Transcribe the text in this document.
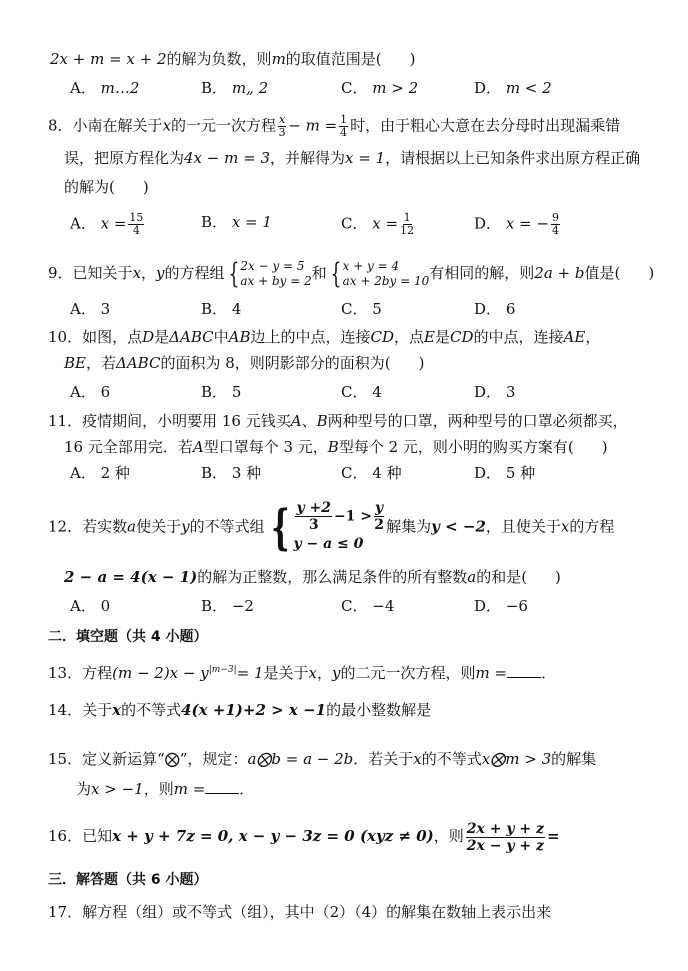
2x + m = x + 2的解为负数，则m的取值范围是( )
A． m…2	B． m„ 2	C． m > 2	D． m < 2
8．小南在解关于x的一元一次方程 $\frac{x}{3} - m = \frac{1}{4}$ 时，由于粗心大意在去分母时出现漏乘错
误，把原方程化为4x − m = 3，并解得为x = 1，请根据以上已知条件求出原方程正确
的解为( )
A． $x = \frac{15}{4}$	B． x = 1	C． $x = \frac{1}{12}$	D． x = − $\frac{9}{4}$
9．已知关于x，y的方程组 { 2x − y = 5
ax + by = 2 和 { x + y = 4
ax + 2by = 10 有相同的解，则2a + b值是( )
A． 3	B． 4	C． 5	D． 6
10．如图，点D是ΔABC中AB边上的中点，连接CD，点E是CD的中点，连接AE，
BE，若ΔABC的面积为 8，则阴影部分的面积为( )
A． 6	B． 5	C． 4	D． 3
11．疫情期间，小明要用 16 元钱买A、B两种型号的口罩，两种型号的口罩必须都买，
16 元全部用完．若A型口罩每个 3 元，B型每个 2 元，则小明的购买方案有( )
A． 2 种	B． 3 种	C． 4 种	D． 5 种
12．若实数a使关于y的不等式组 { $\frac{y +2}{3} -1 > \frac{y}{2}$
y − a ≤ 0
解集为y < −2，且使关于x的方程
2 − a = 4(x − 1)的解为正整数，那么满足条件的所有整数a的和是( )
A． 0	B． −2	C． −4	D． −6
二．填空题（共 4 小题）
13．方程$(m - 2)x - y^{|m-3|}= 1$是关于x，y的二元一次方程，则m = ．
14．关于x的不等式4(x +1)+2 > x −1的最小整数解是
15．定义新运算“⨂”，规定：a⨂b = a − 2b．若关于x的不等式x⨂m > 3的解集
为x > −1，则m = ．
16．已知x + y + 7z = 0, x − y − 3z = 0 (xyz ≠ 0)，则 $\frac{2x + y + z}{2x - y + z}$ =
三．解答题（共 6 小题）
17．解方程（组）或不等式（组），其中（2）（4）的解集在数轴上表示出来
